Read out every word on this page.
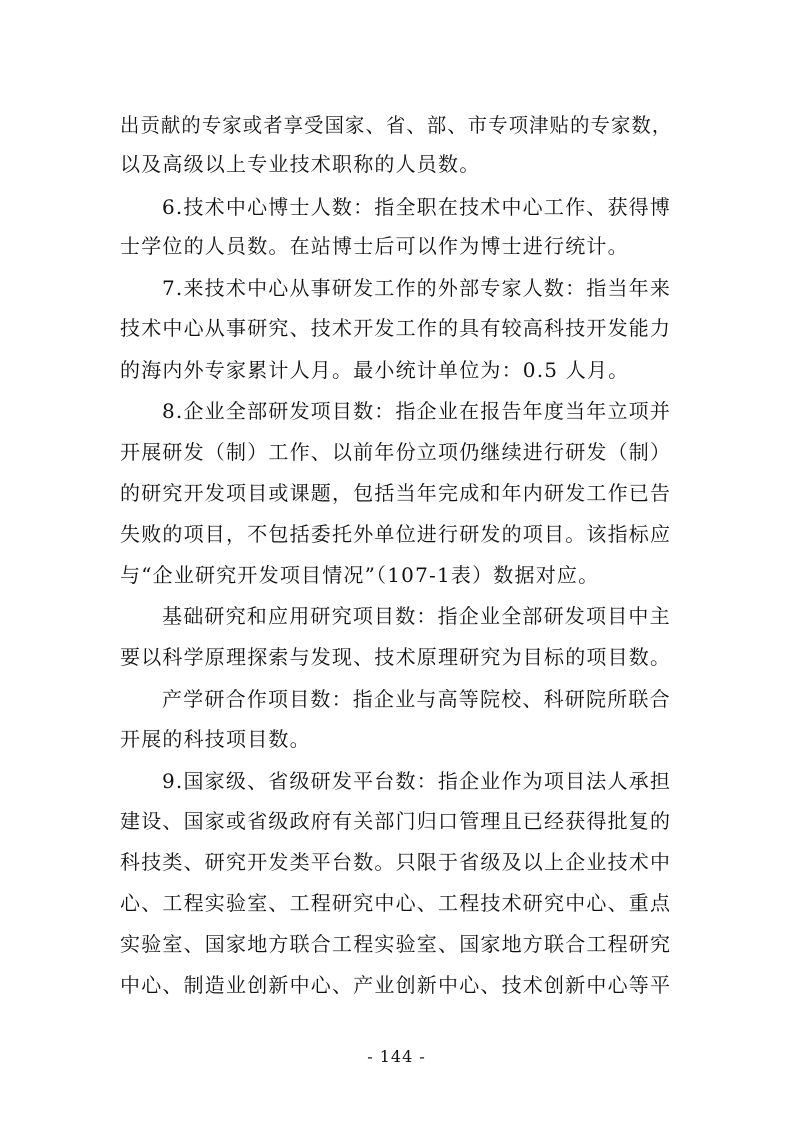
出贡献的专家或者享受国家、省、部、市专项津贴的专家数，
以及高级以上专业技术职称的人员数。
6.技术中心博士人数：指全职在技术中心工作、获得博
士学位的人员数。在站博士后可以作为博士进行统计。
7.来技术中心从事研发工作的外部专家人数：指当年来
技术中心从事研究、技术开发工作的具有较高科技开发能力
的海内外专家累计人月。最小统计单位为：0.5 人月。
8.企业全部研发项目数：指企业在报告年度当年立项并
开展研发（制）工作、以前年份立项仍继续进行研发（制）
的研究开发项目或课题，包括当年完成和年内研发工作已告
失败的项目，不包括委托外单位进行研发的项目。该指标应
与“企业研究开发项目情况”（107-1表）数据对应。
基础研究和应用研究项目数：指企业全部研发项目中主
要以科学原理探索与发现、技术原理研究为目标的项目数。
产学研合作项目数：指企业与高等院校、科研院所联合
开展的科技项目数。
9.国家级、省级研发平台数：指企业作为项目法人承担
建设、国家或省级政府有关部门归口管理且已经获得批复的
科技类、研究开发类平台数。只限于省级及以上企业技术中
心、工程实验室、工程研究中心、工程技术研究中心、重点
实验室、国家地方联合工程实验室、国家地方联合工程研究
中心、制造业创新中心、产业创新中心、技术创新中心等平
- 144 -
